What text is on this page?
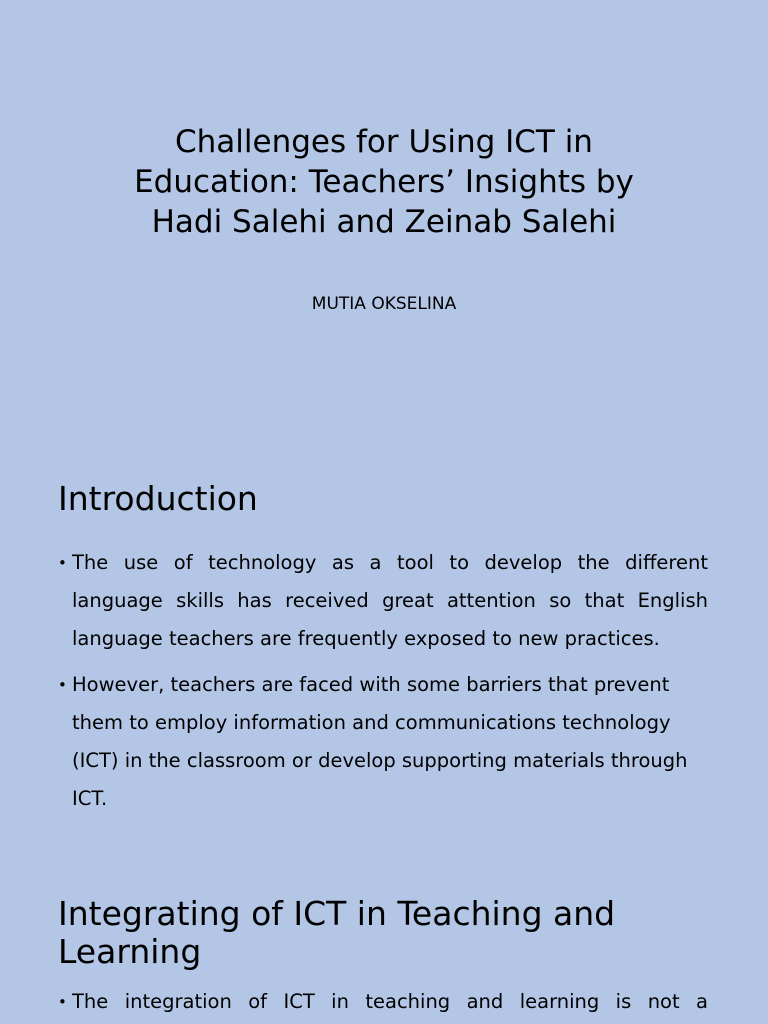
Challenges for Using ICT in
Education: Teachers’ Insights by
Hadi Salehi and Zeinab Salehi

MUTIA OKSELINA

Introduction
• The use of technology as a tool to develop the different language skills has received great attention so that English language teachers are frequently exposed to new practices.
• However, teachers are faced with some barriers that prevent them to employ information and communications technology (ICT) in the classroom or develop supporting materials through ICT.
Integrating of ICT in Teaching and
Learning
• The integration of ICT in teaching and learning is not a
